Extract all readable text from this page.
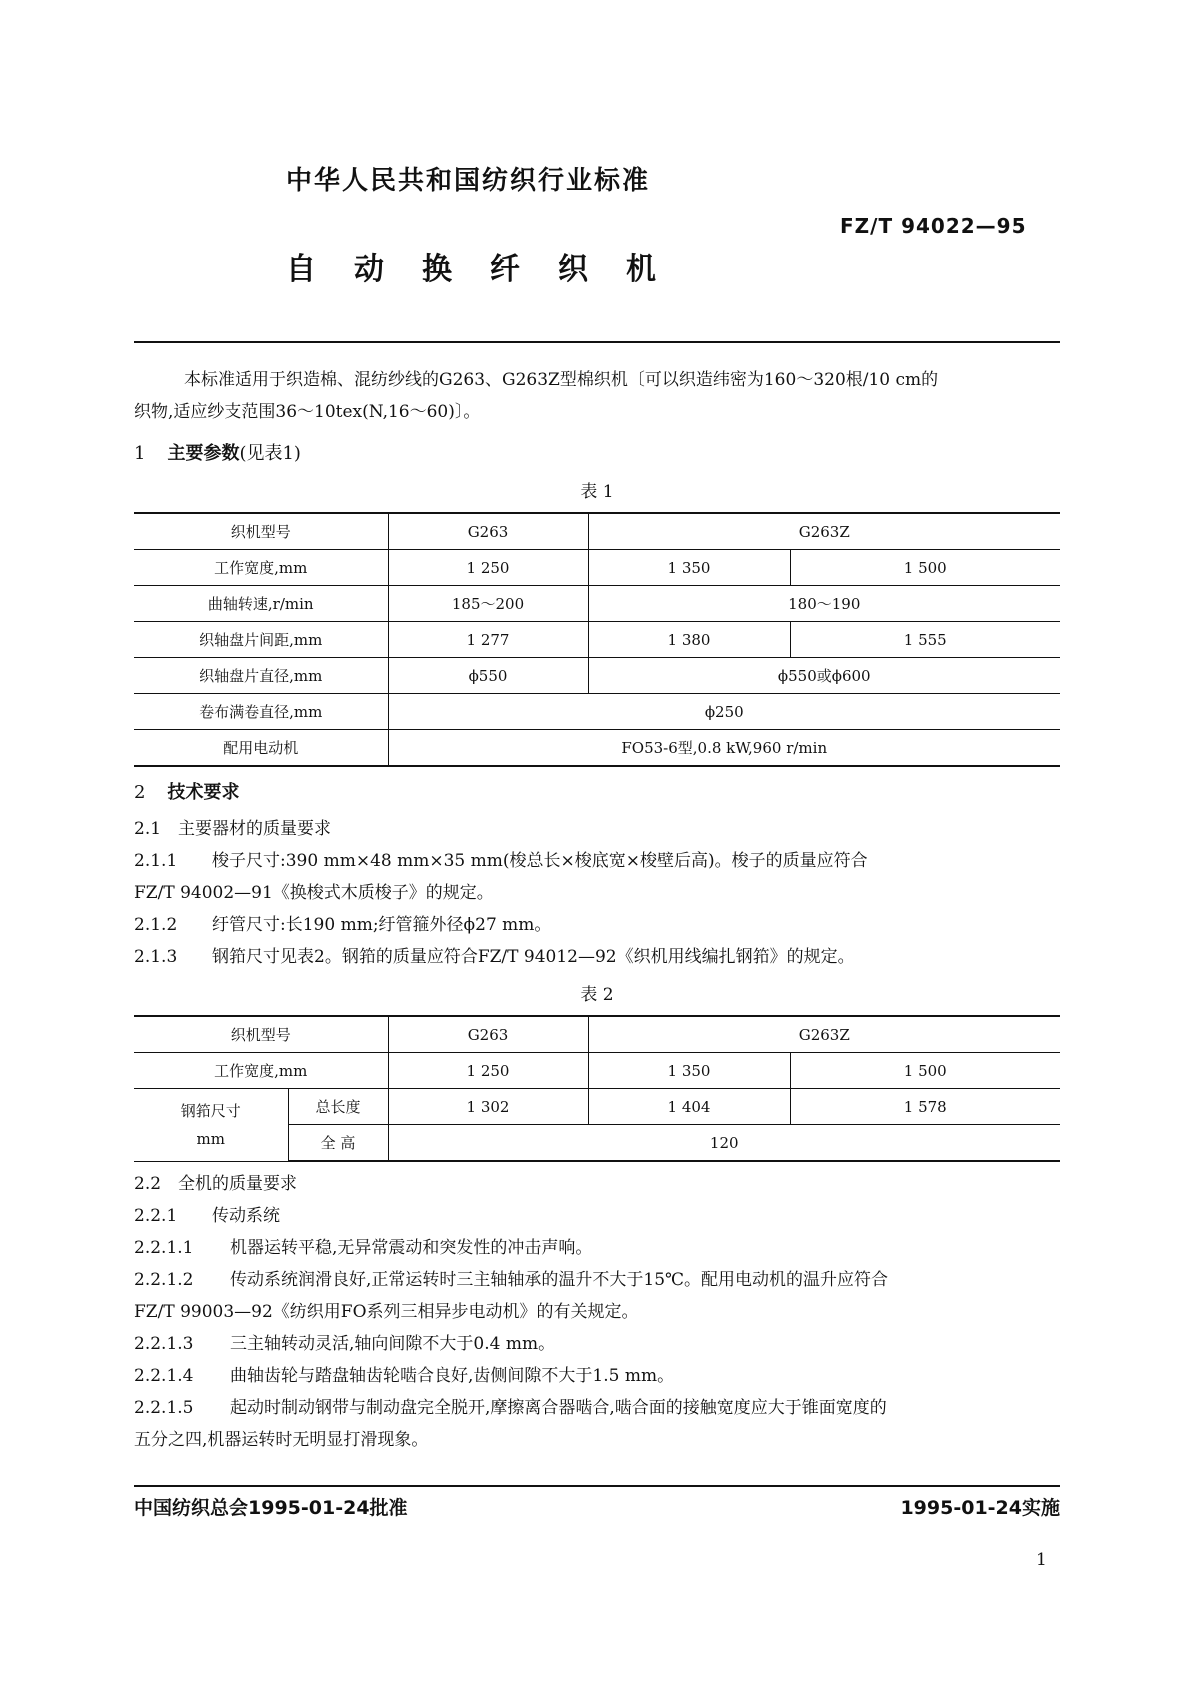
中华人民共和国纺织行业标准
FZ/T 94022—95
自动换纤织机

本标准适用于织造棉、混纺纱线的G263、G263Z型棉织机〔可以织造纬密为160～320根/10 cm的

织物,适应纱支范围36～10tex(N,16～60)〕。

1 主要参数(见表1)

表 1

织机型号	G263	G263Z	
工作宽度,mm	1 250	1 350	1 500
曲轴转速,r/min	185～200	180～190	
织轴盘片间距,mm	1 277	1 380	1 555
织轴盘片直径,mm	ϕ550	ϕ550或ϕ600	
卷布满卷直径,mm	ϕ250		
配用电动机	FO53-6型,0.8 kW,960 r/min		

2 技术要求

2.1 主要器材的质量要求

2.1.1 梭子尺寸:390 mm×48 mm×35 mm(梭总长×梭底宽×梭壁后高)。梭子的质量应符合

FZ/T 94002—91《换梭式木质梭子》的规定。

2.1.2 纡管尺寸:长190 mm;纡管箍外径ϕ27 mm。

2.1.3 钢筘尺寸见表2。钢筘的质量应符合FZ/T 94012—92《织机用线编扎钢筘》的规定。

表 2

织机型号		G263	G263Z	
工作宽度,mm		1 250	1 350	1 500

钢筘尺寸
mm	总长度	1 302	1 404	1 578
	全 高	120		

2.2 全机的质量要求

2.2.1 传动系统

2.2.1.1 机器运转平稳,无异常震动和突发性的冲击声响。

2.2.1.2 传动系统润滑良好,正常运转时三主轴轴承的温升不大于15℃。配用电动机的温升应符合

FZ/T 99003—92《纺织用FO系列三相异步电动机》的有关规定。

2.2.1.3 三主轴转动灵活,轴向间隙不大于0.4 mm。

2.2.1.4 曲轴齿轮与踏盘轴齿轮啮合良好,齿侧间隙不大于1.5 mm。

2.2.1.5 起动时制动钢带与制动盘完全脱开,摩擦离合器啮合,啮合面的接触宽度应大于锥面宽度的

五分之四,机器运转时无明显打滑现象。

中国纺织总会1995-01-24批准	1995-01-24实施
1
